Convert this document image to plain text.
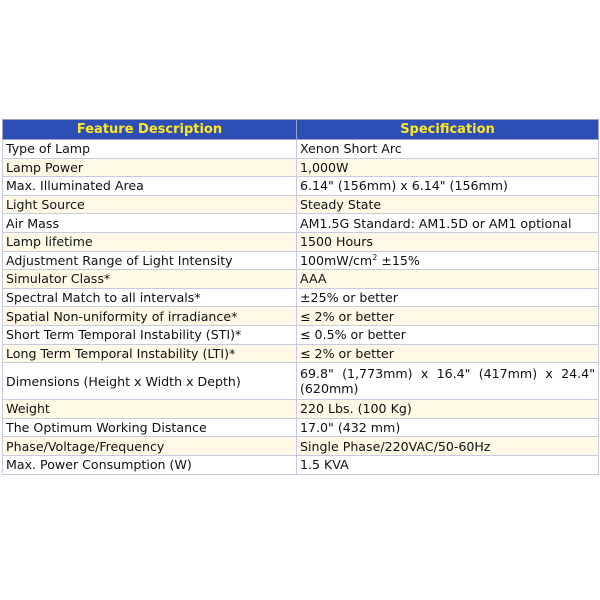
Feature Description	Specification
Type of Lamp	Xenon Short Arc
Lamp Power	1,000W
Max. Illuminated Area	6.14" (156mm) x 6.14" (156mm)
Light Source	Steady State
Air Mass	AM1.5G Standard: AM1.5D or AM1 optional
Lamp lifetime	1500 Hours
Adjustment Range of Light Intensity	$100mW/cm^2 \pm 15\%$
Simulator Class*	AAA
Spectral Match to all intervals*	±25% or better
Spatial Non-uniformity of irradiance*	≤ 2% or better
Short Term Temporal Instability (STI)*	≤ 0.5% or better
Long Term Temporal Instability (LTI)*	≤ 2% or better
Dimensions (Height x Width x Depth)	69.8" (1,773mm) x 16.4" (417mm) x 24.4" (620mm)
Weight	220 Lbs. (100 Kg)
The Optimum Working Distance	17.0" (432 mm)
Phase/Voltage/Frequency	Single Phase/220VAC/50-60Hz
Max. Power Consumption (W)	1.5 KVA
